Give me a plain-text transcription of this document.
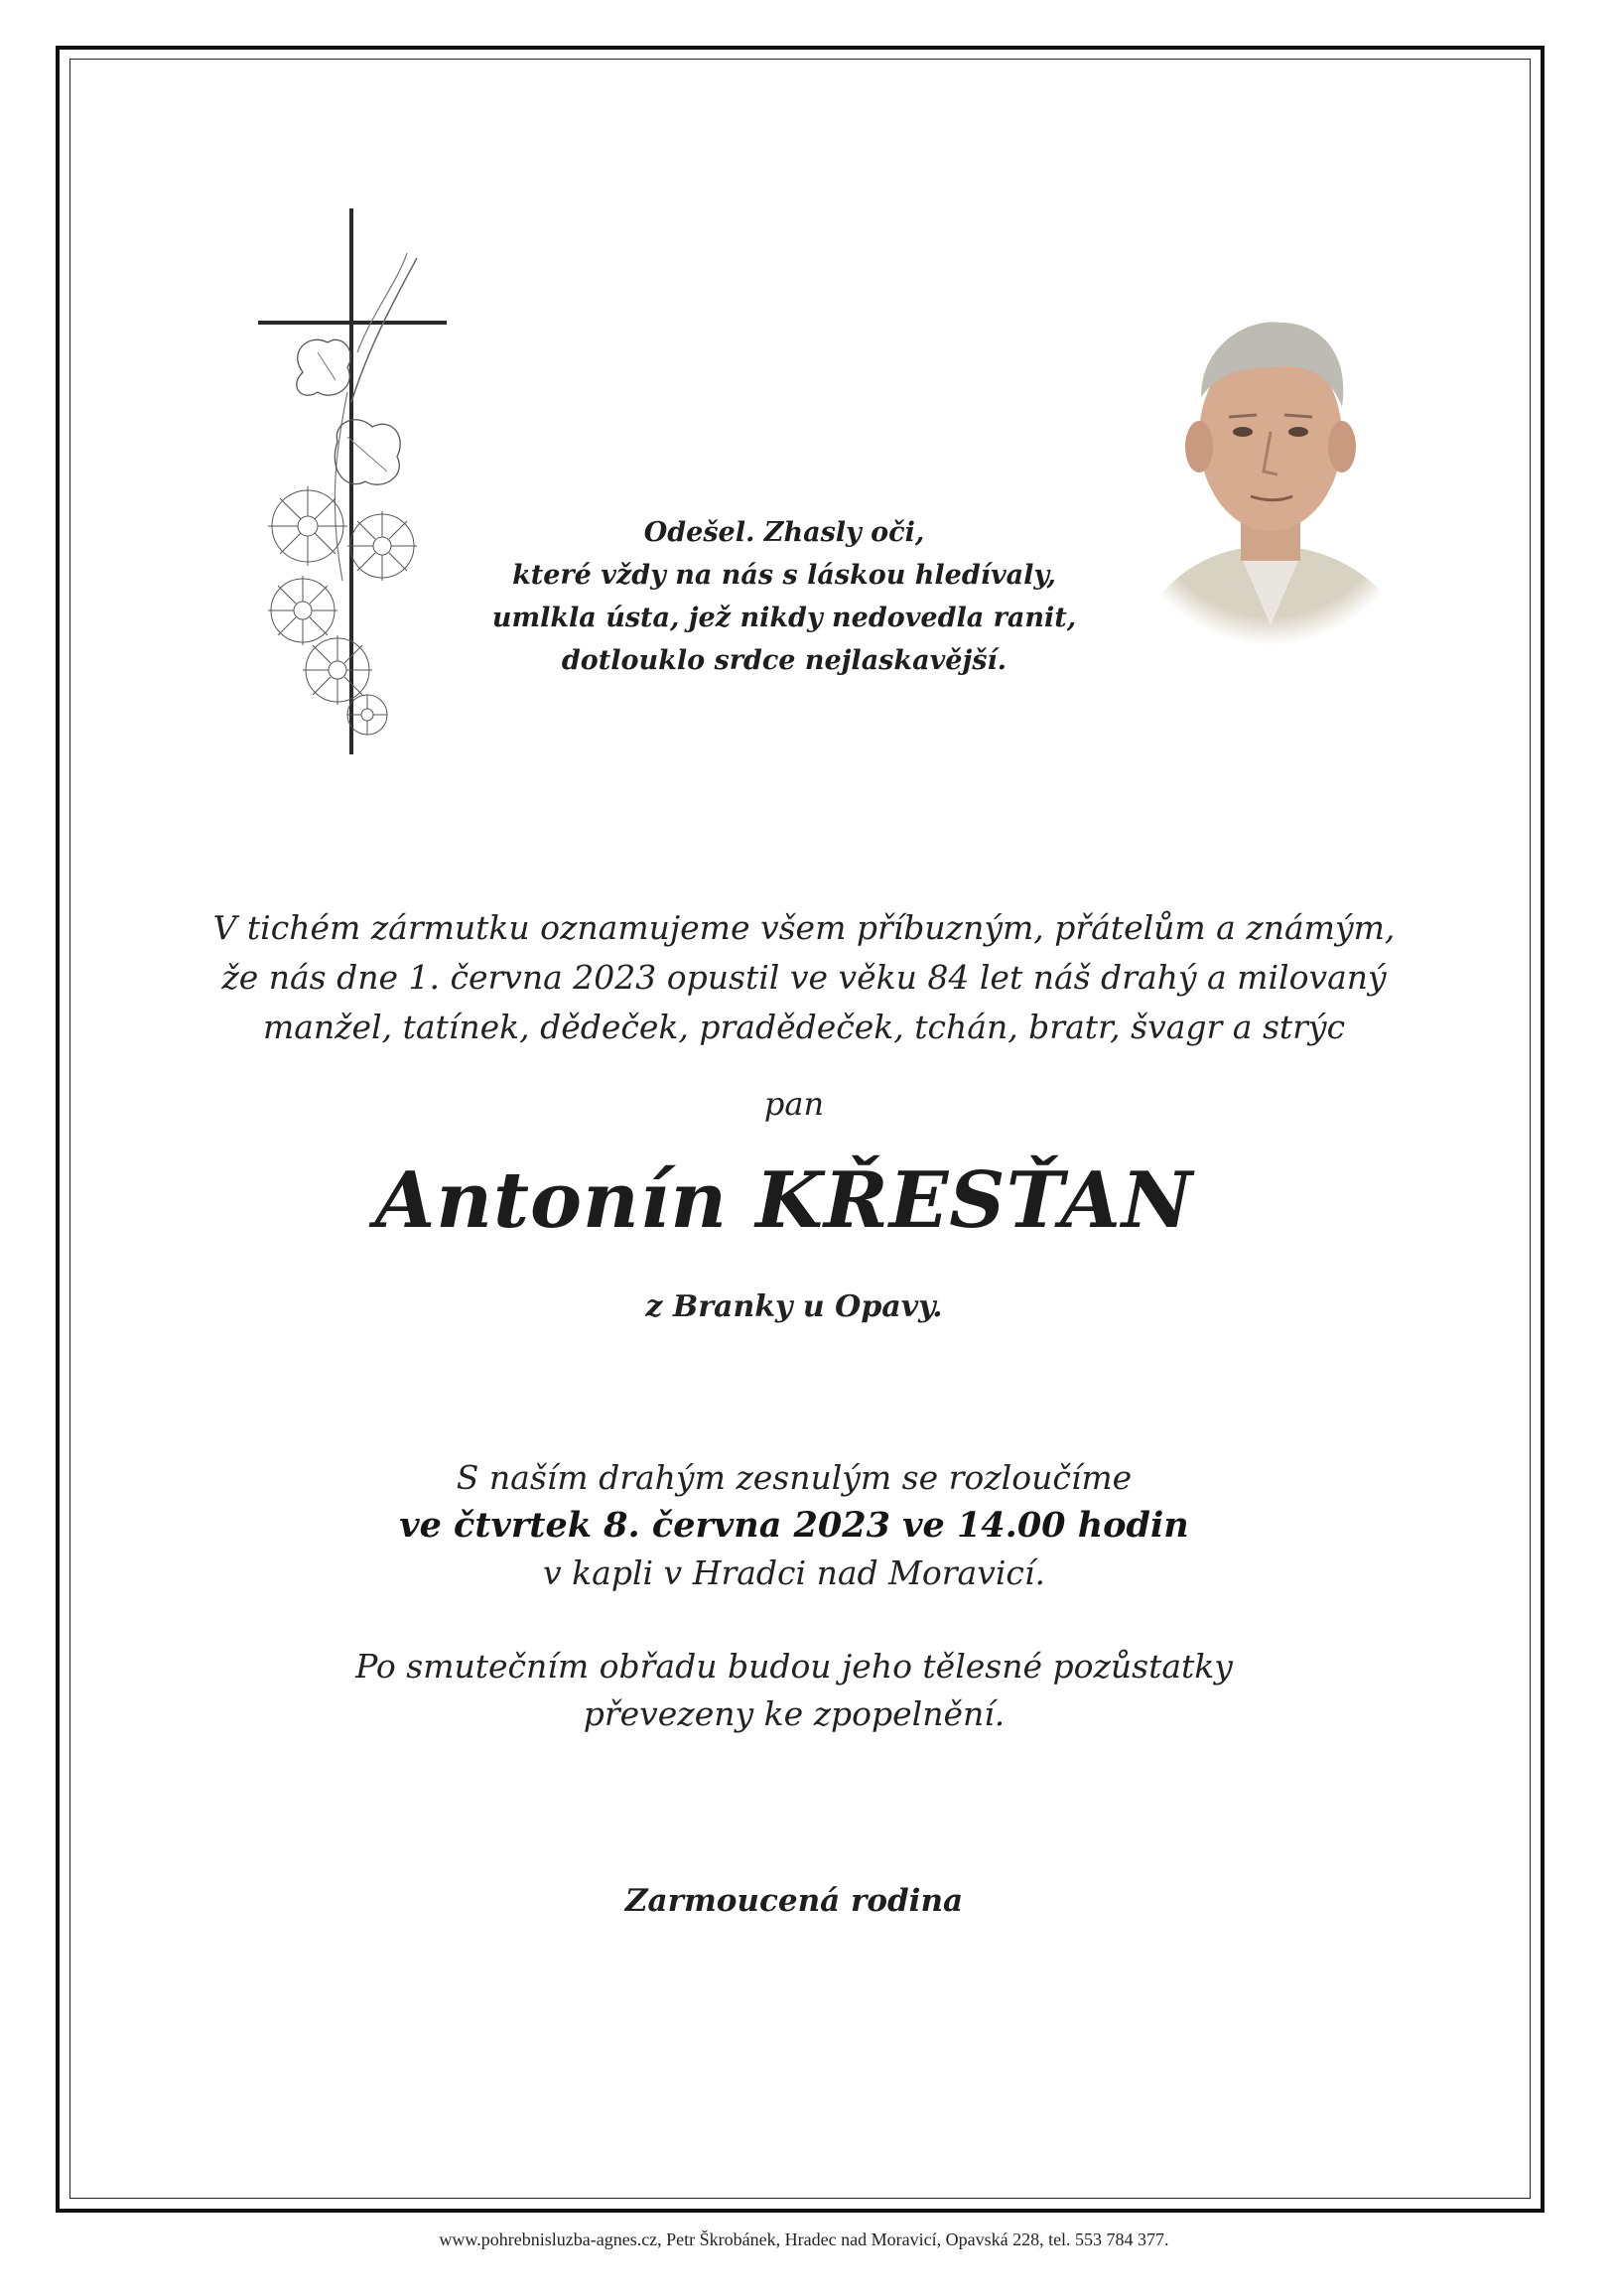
Odešel. Zhasly oči,
které vždy na nás s láskou hledívaly,
umlkla ústa, jež nikdy nedovedla ranit,
dotlouklo srdce nejlaskavější.
V tichém zármutku oznamujeme všem příbuzným, přátelům a známým,
že nás dne 1. června 2023 opustil ve věku 84 let náš drahý a milovaný
manžel, tatínek, dědeček, pradědeček, tchán, bratr, švagr a strýc
pan
Antonín KŘESŤAN
z Branky u Opavy.
S naším drahým zesnulým se rozloučíme
ve čtvrtek 8. června 2023 ve 14.00 hodin
v kapli v Hradci nad Moravicí.
Po smutečním obřadu budou jeho tělesné pozůstatky
převezeny ke zpopelnění.
Zarmoucená rodina
www.pohrebnisluzba-agnes.cz, Petr Škrobánek, Hradec nad Moravicí, Opavská 228, tel. 553 784 377.
